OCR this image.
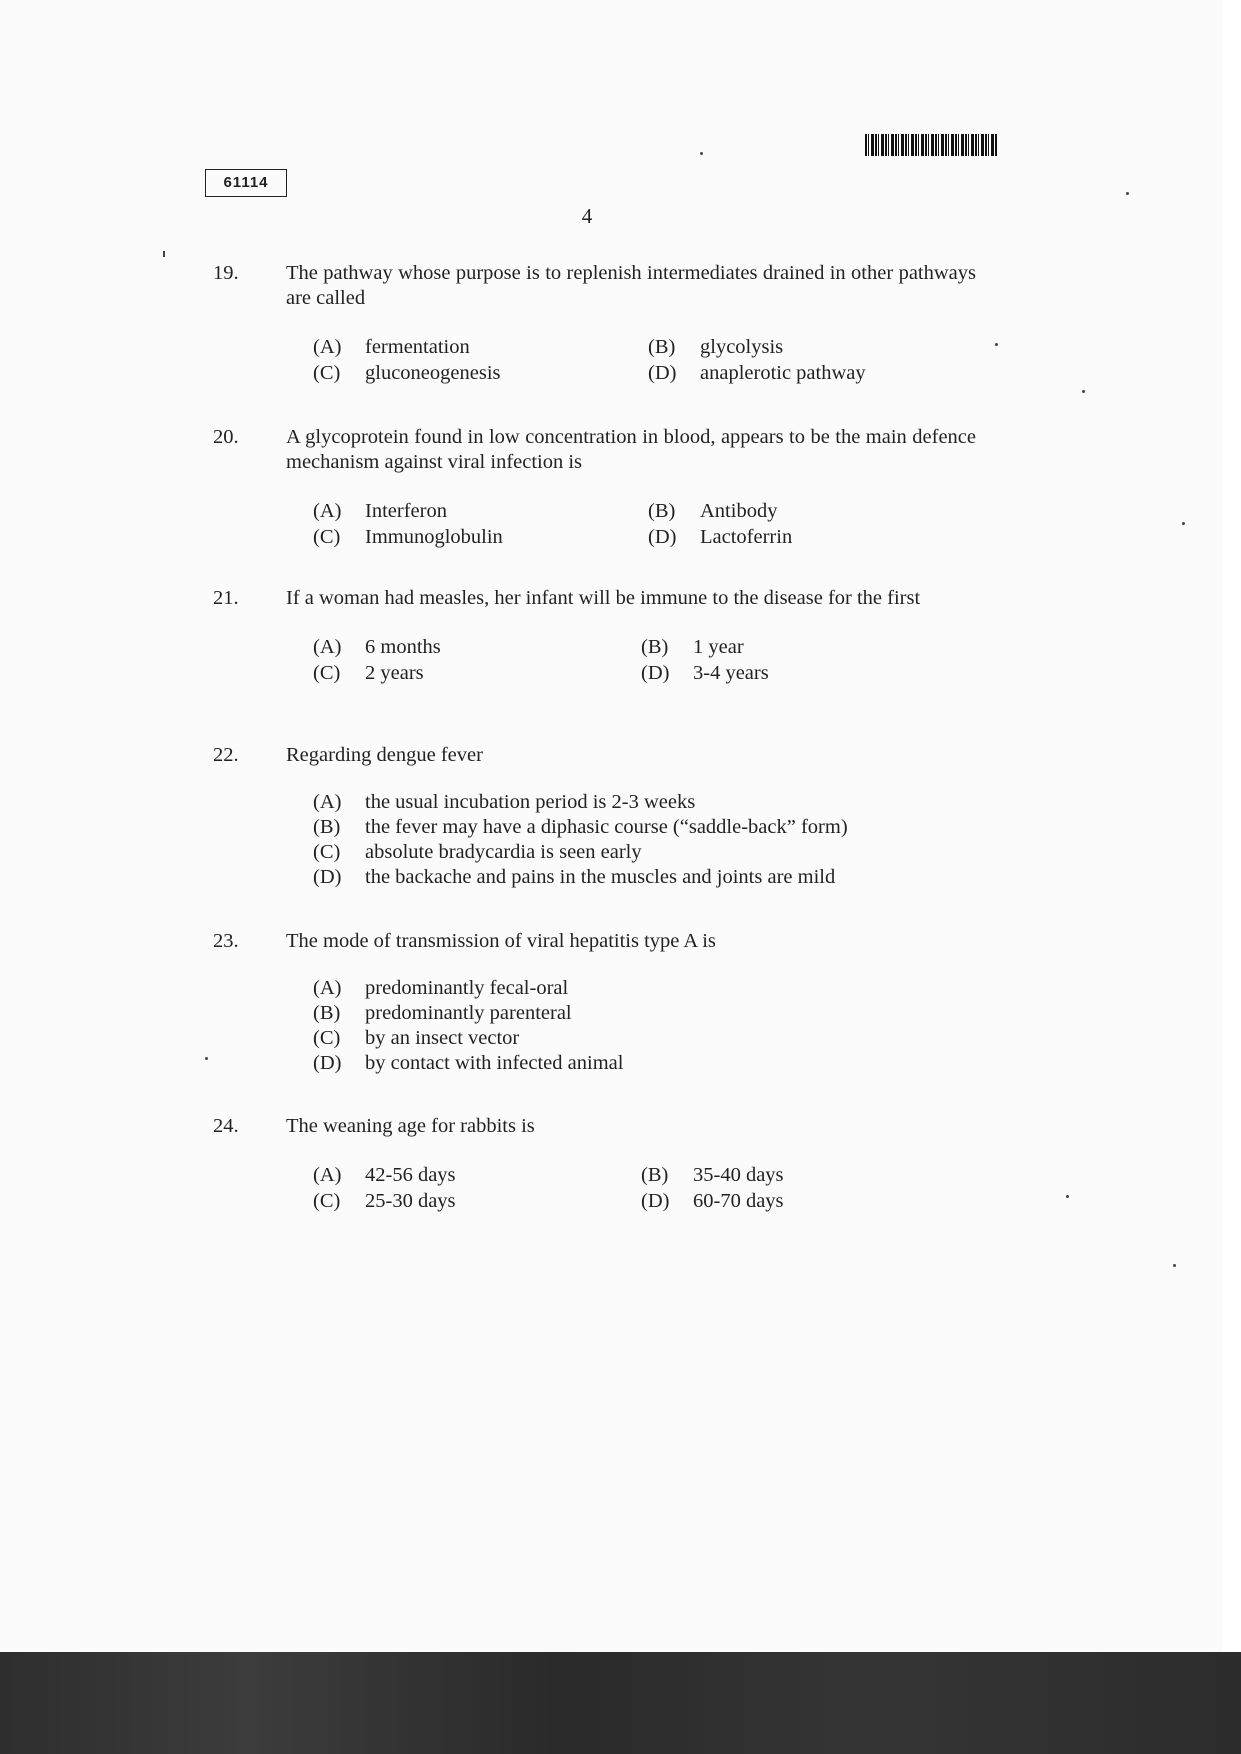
61114
4
19.	The pathway whose purpose is to replenish intermediates drained in other pathways are called
(A) fermentation	(B) glycolysis
(C) gluconeogenesis	(D) anaplerotic pathway
20.	A glycoprotein found in low concentration in blood, appears to be the main defence mechanism against viral infection is
(A) Interferon	(B) Antibody
(C) Immunoglobulin	(D) Lactoferrin
21.	If a woman had measles, her infant will be immune to the disease for the first
(A) 6 months	(B) 1 year
(C) 2 years	(D) 3-4 years
22.	Regarding dengue fever
(A) the usual incubation period is 2-3 weeks
(B) the fever may have a diphasic course (“saddle-back” form)
(C) absolute bradycardia is seen early
(D) the backache and pains in the muscles and joints are mild
23.	The mode of transmission of viral hepatitis type A is
(A) predominantly fecal-oral
(B) predominantly parenteral
(C) by an insect vector
(D) by contact with infected animal
24.	The weaning age for rabbits is
(A) 42-56 days	(B) 35-40 days
(C) 25-30 days	(D) 60-70 days
